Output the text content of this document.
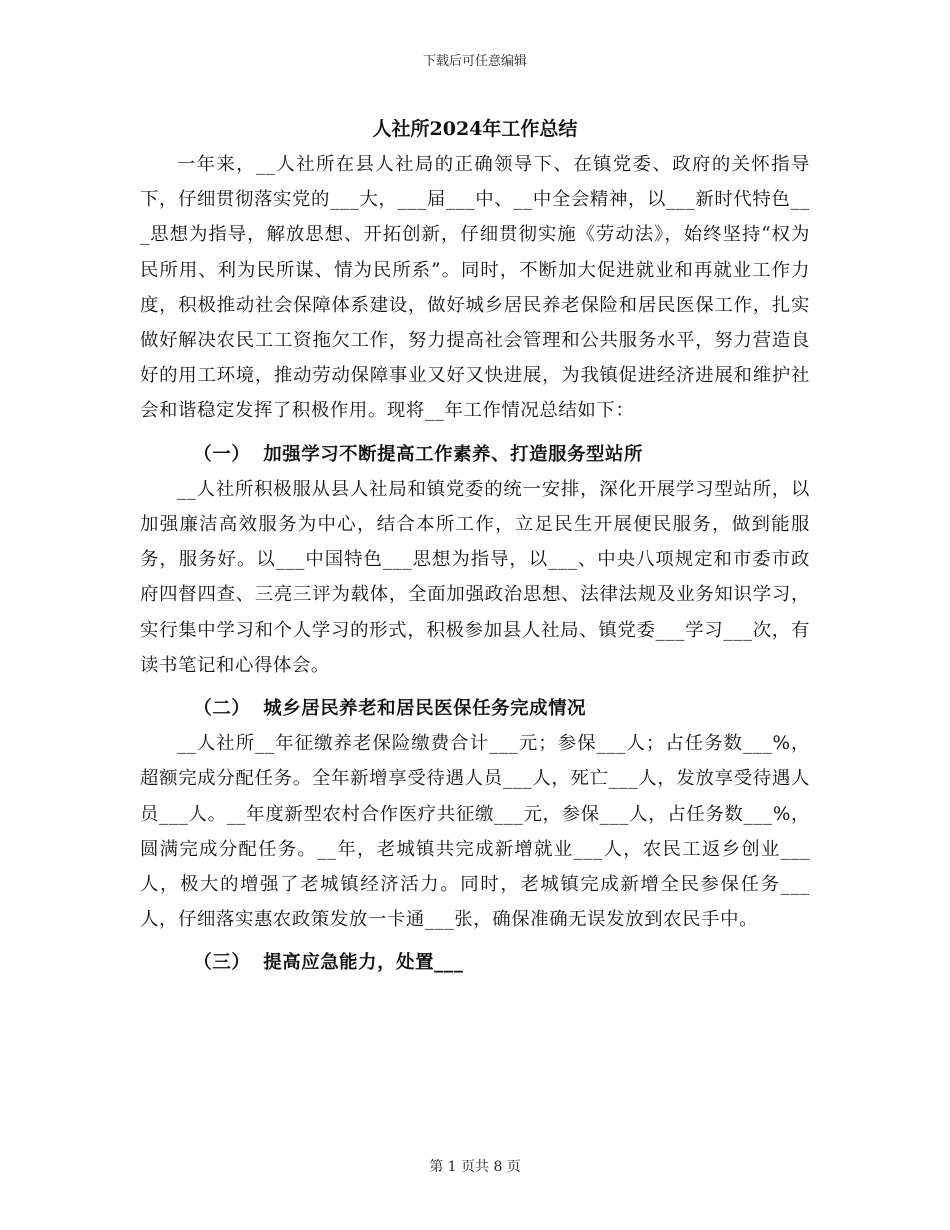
下载后可任意编辑
人社所2024年工作总结

一年来，__人社所在县人社局的正确领导下、在镇党委、政府的关怀指导下，仔细贯彻落实党的___大，___届___中、__中全会精神，以___新时代特色___思想为指导，解放思想、开拓创新，仔细贯彻实施《劳动法》，始终坚持“权为民所用、利为民所谋、情为民所系”。同时，不断加大促进就业和再就业工作力度，积极推动社会保障体系建设，做好城乡居民养老保险和居民医保工作，扎实做好解决农民工工资拖欠工作，努力提高社会管理和公共服务水平，努力营造良好的用工环境，推动劳动保障事业又好又快进展，为我镇促进经济进展和维护社会和谐稳定发挥了积极作用。现将__年工作情况总结如下：

（一） 加强学习不断提高工作素养、打造服务型站所

__人社所积极服从县人社局和镇党委的统一安排，深化开展学习型站所，以加强廉洁高效服务为中心，结合本所工作，立足民生开展便民服务，做到能服务，服务好。以___中国特色___思想为指导，以___、中央八项规定和市委市政府四督四查、三亮三评为载体，全面加强政治思想、法律法规及业务知识学习，实行集中学习和个人学习的形式，积极参加县人社局、镇党委___学习___次，有读书笔记和心得体会。

（二） 城乡居民养老和居民医保任务完成情况

__人社所__年征缴养老保险缴费合计___元；参保___人；占任务数___%，超额完成分配任务。全年新增享受待遇人员___人，死亡___人，发放享受待遇人员___人。__年度新型农村合作医疗共征缴___元，参保___人，占任务数___%，圆满完成分配任务。__年，老城镇共完成新增就业___人，农民工返乡创业___人，极大的增强了老城镇经济活力。同时，老城镇完成新增全民参保任务___人，仔细落实惠农政策发放一卡通___张，确保准确无误发放到农民手中。

（三） 提高应急能力，处置___
第 1 页共 8 页
